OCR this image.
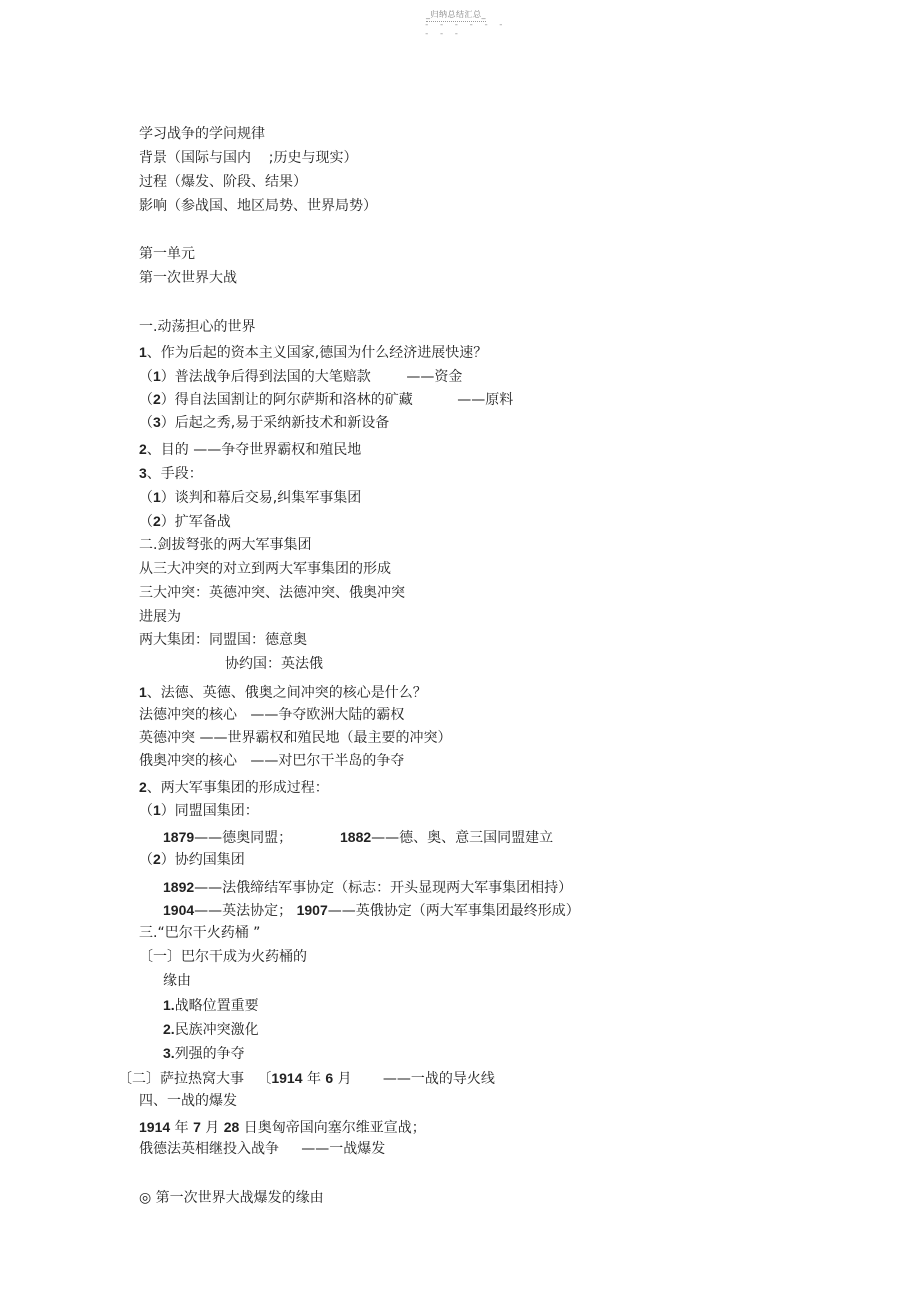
_归纳总结汇总_
- - - - - -
- - -
学习战争的学问规律
背景（国际与国内    ;历史与现实）
过程（爆发、阶段、结果）
影响（参战国、地区局势、世界局势）
第一单元
第一次世界大战
一.动荡担心的世界
1、作为后起的资本主义国家,德国为什么经济进展快速？
（1）普法战争后得到法国的大笔赔款        ——资金
（2）得自法国割让的阿尔萨斯和洛林的矿藏          ——原料
（3）后起之秀,易于采纳新技术和新设备
2、目的 ——争夺世界霸权和殖民地
3、手段：
（1）谈判和幕后交易,纠集军事集团
（2）扩军备战
二.剑拔弩张的两大军事集团
从三大冲突的对立到两大军事集团的形成
三大冲突：英德冲突、法德冲突、俄奥冲突
进展为
两大集团：同盟国：德意奥
协约国：英法俄
1、法德、英德、俄奥之间冲突的核心是什么？
法德冲突的核心   ——争夺欧洲大陆的霸权
英德冲突 ——世界霸权和殖民地（最主要的冲突）
俄奥冲突的核心   ——对巴尔干半岛的争夺
2、两大军事集团的形成过程：
（1）同盟国集团：
1879——德奥同盟；	1882——德、奥、意三国同盟建立
（2）协约国集团
1892——法俄缔结军事协定（标志：开头显现两大军事集团相持）
1904——英法协定； 1907——英俄协定（两大军事集团最终形成）
三.“巴尔干火药桶 ”
〔一〕巴尔干成为火药桶的
缘由
1.战略位置重要
2.民族冲突激化
3.列强的争夺
〔二〕萨拉热窝大事   〔1914 年 6 月       ——一战的导火线
四、一战的爆发
1914 年 7 月 28 日奥匈帝国向塞尔维亚宣战；
俄德法英相继投入战争     ——一战爆发
◎ 第一次世界大战爆发的缘由
